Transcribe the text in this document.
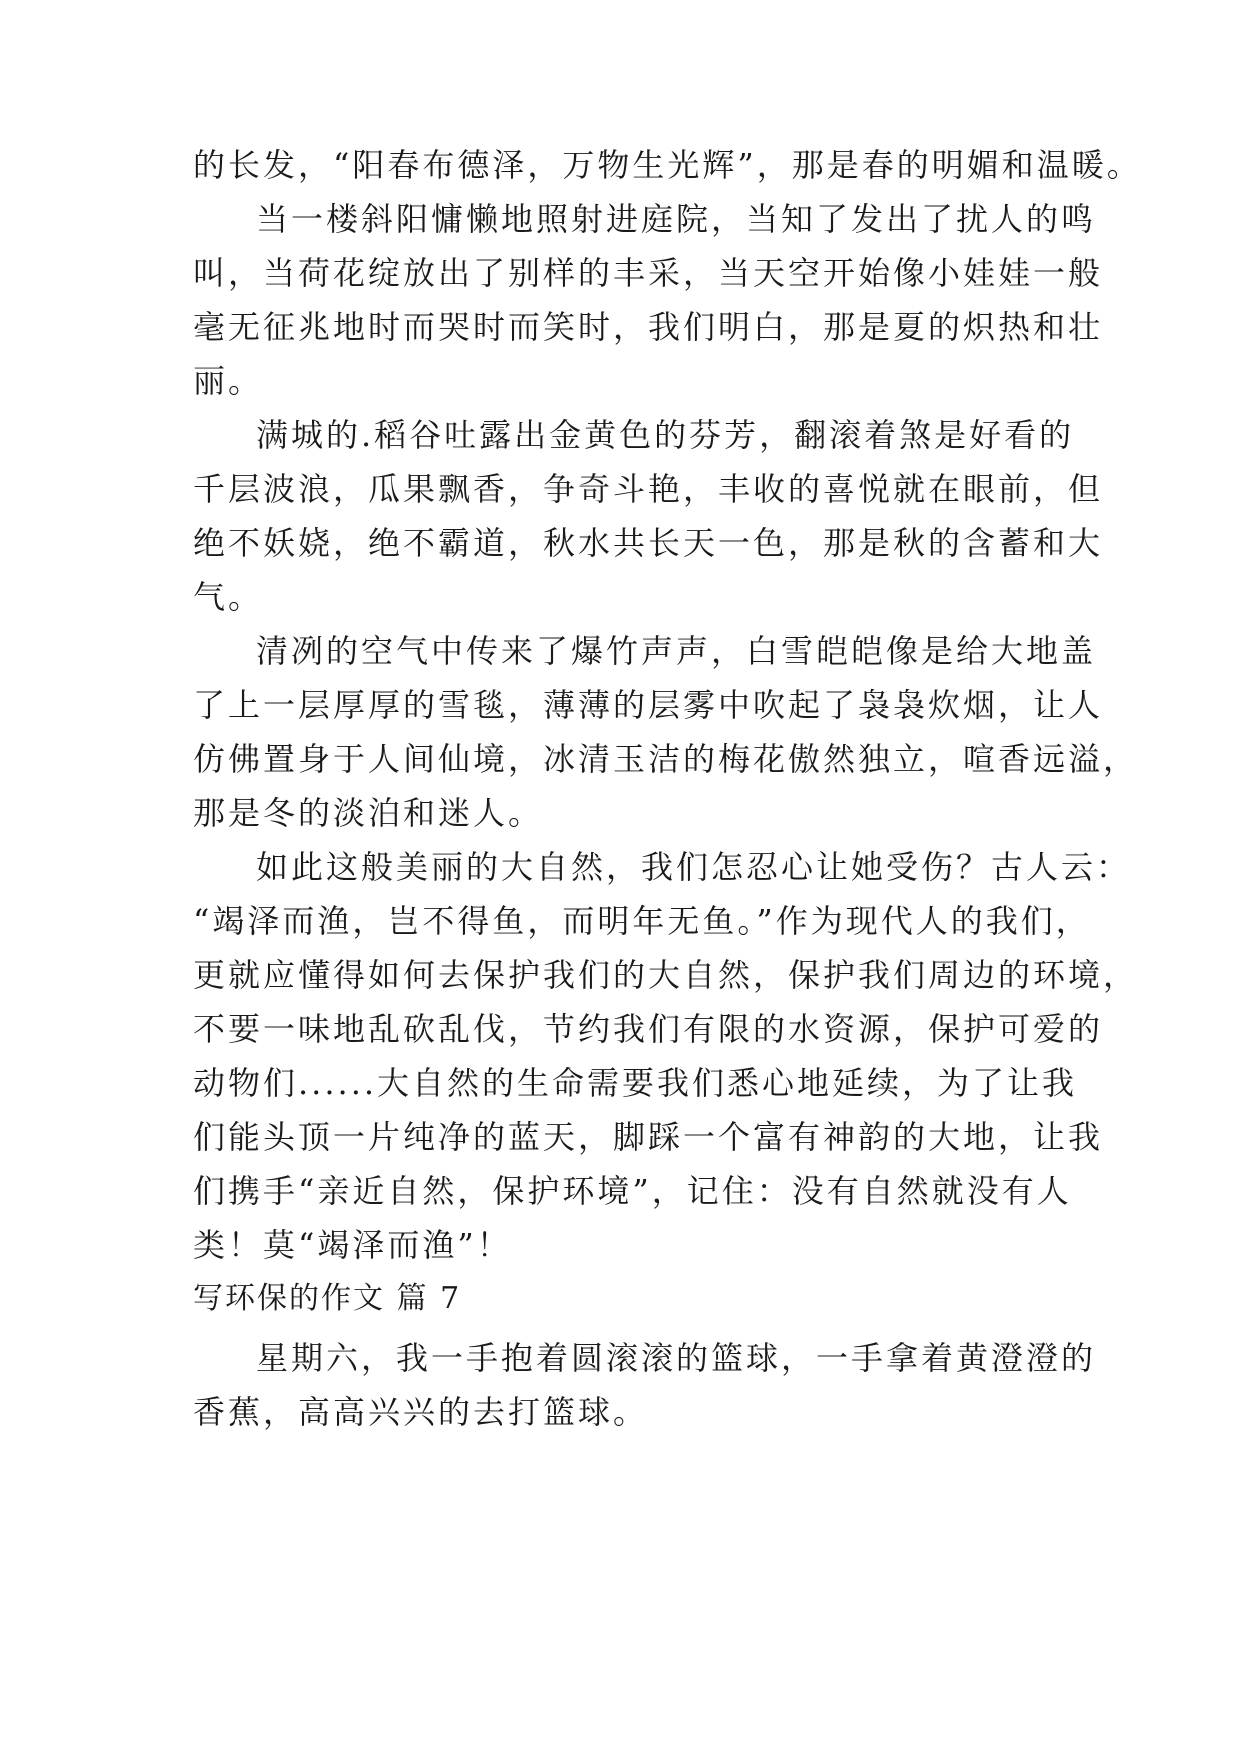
的长发，“阳春布德泽，万物生光辉”，那是春的明媚和温暖。
当一楼斜阳慵懒地照射进庭院，当知了发出了扰人的鸣
叫，当荷花绽放出了别样的丰采，当天空开始像小娃娃一般
毫无征兆地时而哭时而笑时，我们明白，那是夏的炽热和壮
丽。
满城的.稻谷吐露出金黄色的芬芳，翻滚着煞是好看的
千层波浪，瓜果飘香，争奇斗艳，丰收的喜悦就在眼前，但
绝不妖娆，绝不霸道，秋水共长天一色，那是秋的含蓄和大
气。
清冽的空气中传来了爆竹声声，白雪皑皑像是给大地盖
了上一层厚厚的雪毯，薄薄的层雾中吹起了袅袅炊烟，让人
仿佛置身于人间仙境，冰清玉洁的梅花傲然独立，喧香远溢，
那是冬的淡泊和迷人。
如此这般美丽的大自然，我们怎忍心让她受伤？古人云：
“竭泽而渔，岂不得鱼，而明年无鱼。”作为现代人的我们，
更就应懂得如何去保护我们的大自然，保护我们周边的环境，
不要一味地乱砍乱伐，节约我们有限的水资源，保护可爱的
动物们......大自然的生命需要我们悉心地延续，为了让我
们能头顶一片纯净的蓝天，脚踩一个富有神韵的大地，让我
们携手“亲近自然，保护环境”，记住：没有自然就没有人
类！莫“竭泽而渔”！
写环保的作文 篇 7
星期六，我一手抱着圆滚滚的篮球，一手拿着黄澄澄的
香蕉，高高兴兴的去打篮球。
